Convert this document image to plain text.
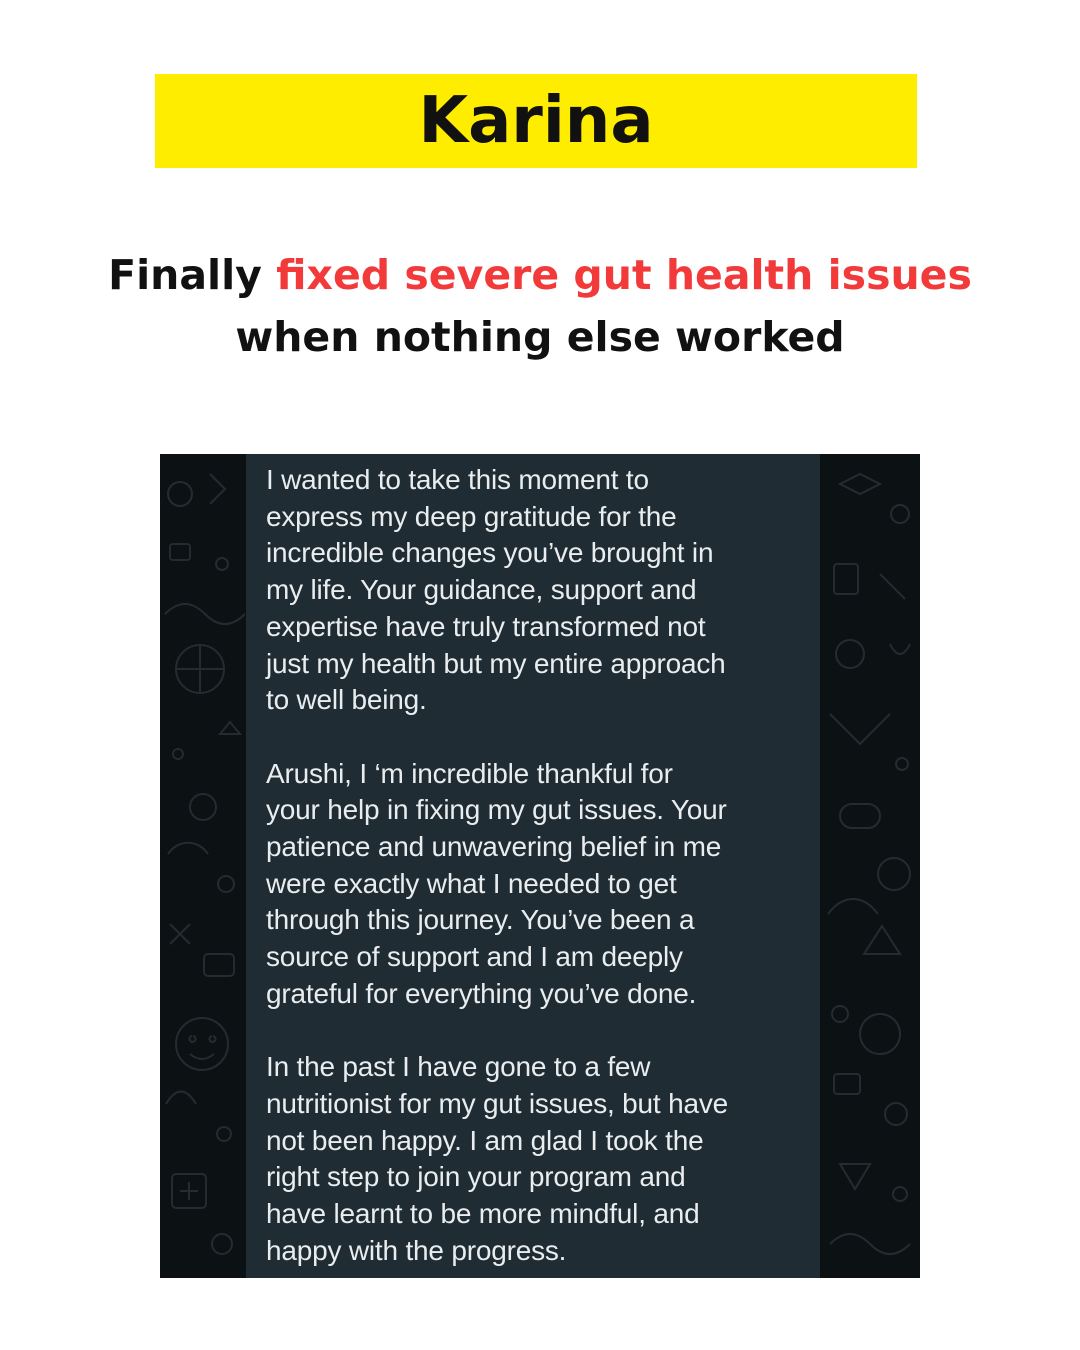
Karina
Finally fixed severe gut health issues
when nothing else worked

I wanted to take this moment to
express my deep gratitude for the
incredible changes you’ve brought in
my life. Your guidance, support and
expertise have truly transformed not
just my health but my entire approach
to well being.

Arushi, I ‘m incredible thankful for
your help in fixing my gut issues. Your
patience and unwavering belief in me
were exactly what I needed to get
through this journey. You’ve been a
source of support and I am deeply
grateful for everything you’ve done.

In the past I have gone to a few
nutritionist for my gut issues, but have
not been happy. I am glad I took the
right step to join your program and
have learnt to be more mindful, and
happy with the progress.
